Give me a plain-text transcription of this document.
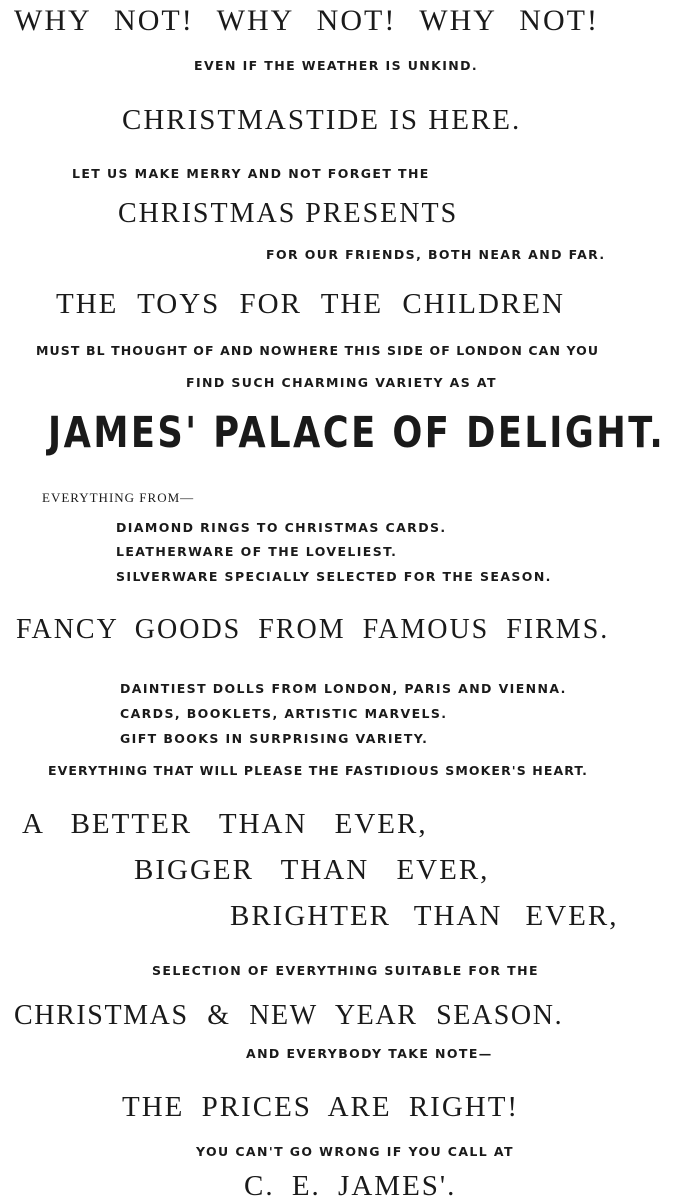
WHY NOT! WHY NOT! WHY NOT!
EVEN IF THE WEATHER IS UNKIND.
CHRISTMASTIDE IS HERE.
LET US MAKE MERRY AND NOT FORGET THE
CHRISTMAS PRESENTS
FOR OUR FRIENDS, BOTH NEAR AND FAR.
THE TOYS FOR THE CHILDREN
MUST BL THOUGHT OF AND NOWHERE THIS SIDE OF LONDON CAN YOU
FIND SUCH CHARMING VARIETY AS AT
JAMES' PALACE OF DELIGHT.
EVERYTHING FROM—
DIAMOND RINGS TO CHRISTMAS CARDS.
LEATHERWARE OF THE LOVELIEST.
SILVERWARE SPECIALLY SELECTED FOR THE SEASON.
FANCY GOODS FROM FAMOUS FIRMS.
DAINTIEST DOLLS FROM LONDON, PARIS AND VIENNA.
CARDS, BOOKLETS, ARTISTIC MARVELS.
GIFT BOOKS IN SURPRISING VARIETY.
EVERYTHING THAT WILL PLEASE THE FASTIDIOUS SMOKER'S HEART.
A BETTER THAN EVER,
BIGGER THAN EVER,
BRIGHTER THAN EVER,
SELECTION OF EVERYTHING SUITABLE FOR THE
CHRISTMAS & NEW YEAR SEASON.
AND EVERYBODY TAKE NOTE—
THE PRICES ARE RIGHT!
YOU CAN'T GO WRONG IF YOU CALL AT
C. E. JAMES'.
